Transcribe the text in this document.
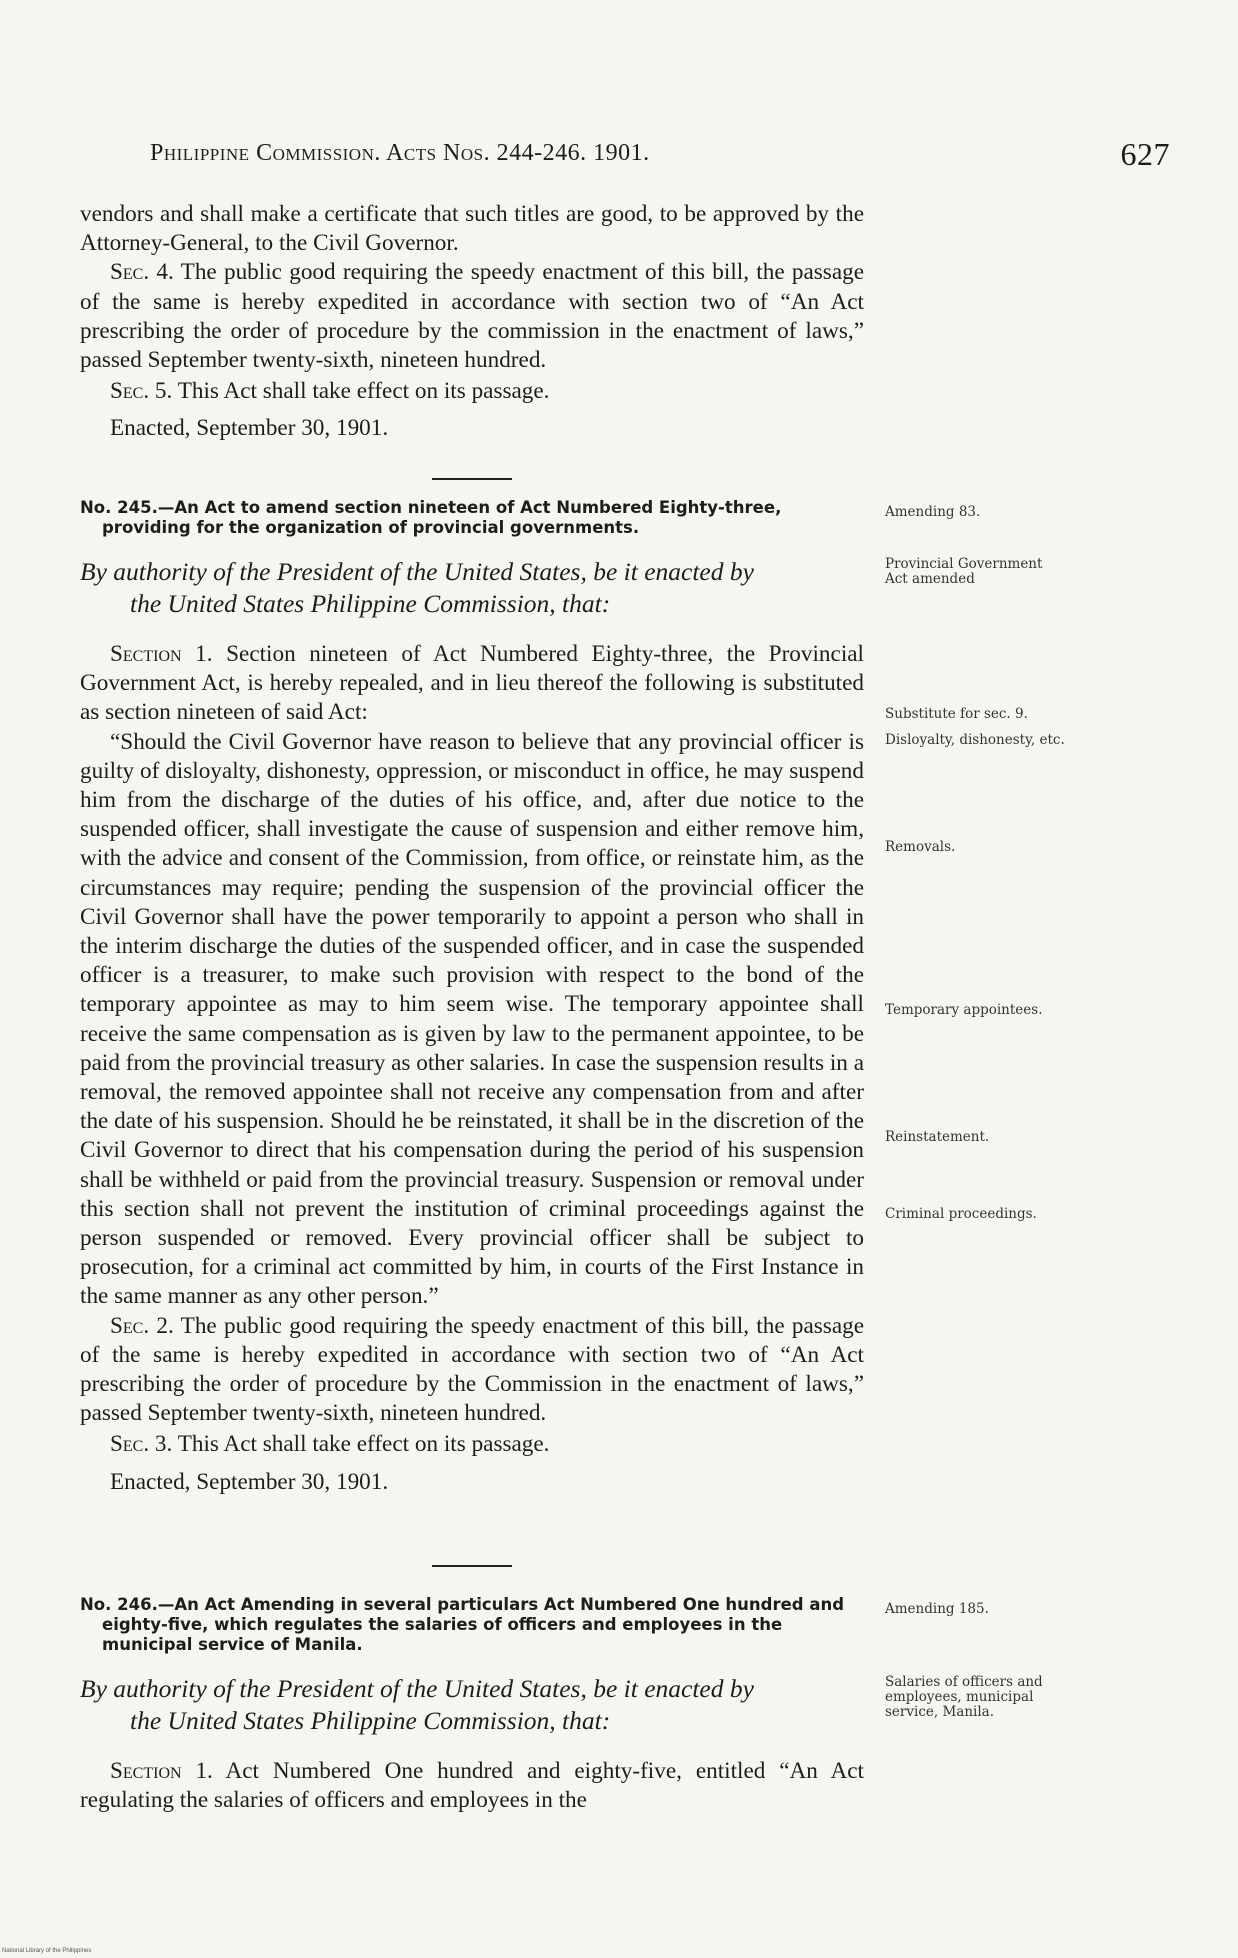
Philippine Commission. Acts Nos. 244-246. 1901.	627

vendors and shall make a certificate that such titles are good, to be approved by the Attorney-General, to the Civil Governor.

Sec. 4. The public good requiring the speedy enactment of this bill, the passage of the same is hereby expedited in accordance with section two of “An Act prescribing the order of procedure by the commission in the enactment of laws,” passed September twenty-sixth, nineteen hundred.

Sec. 5. This Act shall take effect on its passage.

Enacted, September 30, 1901.

No. 245.—An Act to amend section nineteen of Act Numbered Eighty-three, providing for the organization of provincial governments.

By authority of the President of the United States, be it enacted by
the United States Philippine Commission, that:

Section 1. Section nineteen of Act Numbered Eighty-three, the Provincial Government Act, is hereby repealed, and in lieu thereof the following is substituted as section nineteen of said Act:

“Should the Civil Governor have reason to believe that any provincial officer is guilty of disloyalty, dishonesty, oppression, or misconduct in office, he may suspend him from the discharge of the duties of his office, and, after due notice to the suspended officer, shall investigate the cause of suspension and either remove him, with the advice and consent of the Commission, from office, or reinstate him, as the circumstances may require; pending the suspension of the provincial officer the Civil Governor shall have the power temporarily to appoint a person who shall in the interim discharge the duties of the suspended officer, and in case the suspended officer is a treasurer, to make such provision with respect to the bond of the temporary appointee as may to him seem wise. The temporary appointee shall receive the same compensation as is given by law to the permanent appointee, to be paid from the provincial treasury as other salaries. In case the suspension results in a removal, the removed appointee shall not receive any compensation from and after the date of his suspension. Should he be reinstated, it shall be in the discretion of the Civil Governor to direct that his compensation during the period of his suspension shall be withheld or paid from the provincial treasury. Suspension or removal under this section shall not prevent the institution of criminal proceedings against the person suspended or removed. Every provincial officer shall be subject to prosecution, for a criminal act committed by him, in courts of the First Instance in the same manner as any other person.”

Sec. 2. The public good requiring the speedy enactment of this bill, the passage of the same is hereby expedited in accordance with section two of “An Act prescribing the order of procedure by the Commission in the enactment of laws,” passed September twenty-sixth, nineteen hundred.

Sec. 3. This Act shall take effect on its passage.

Enacted, September 30, 1901.

No. 246.—An Act Amending in several particulars Act Numbered One hundred and eighty-five, which regulates the salaries of officers and employees in the municipal service of Manila.

By authority of the President of the United States, be it enacted by
the United States Philippine Commission, that:

Section 1. Act Numbered One hundred and eighty-five, entitled “An Act regulating the salaries of officers and employees in the

Amending 83.
Provincial Government Act amended
Substitute for sec. 9.
Disloyalty, dishonesty, etc.
Removals.
Temporary appointees.
Reinstatement.
Criminal proceedings.
Amending 185.
Salaries of officers and employees, municipal service, Manila.
National Library of the Philippines
